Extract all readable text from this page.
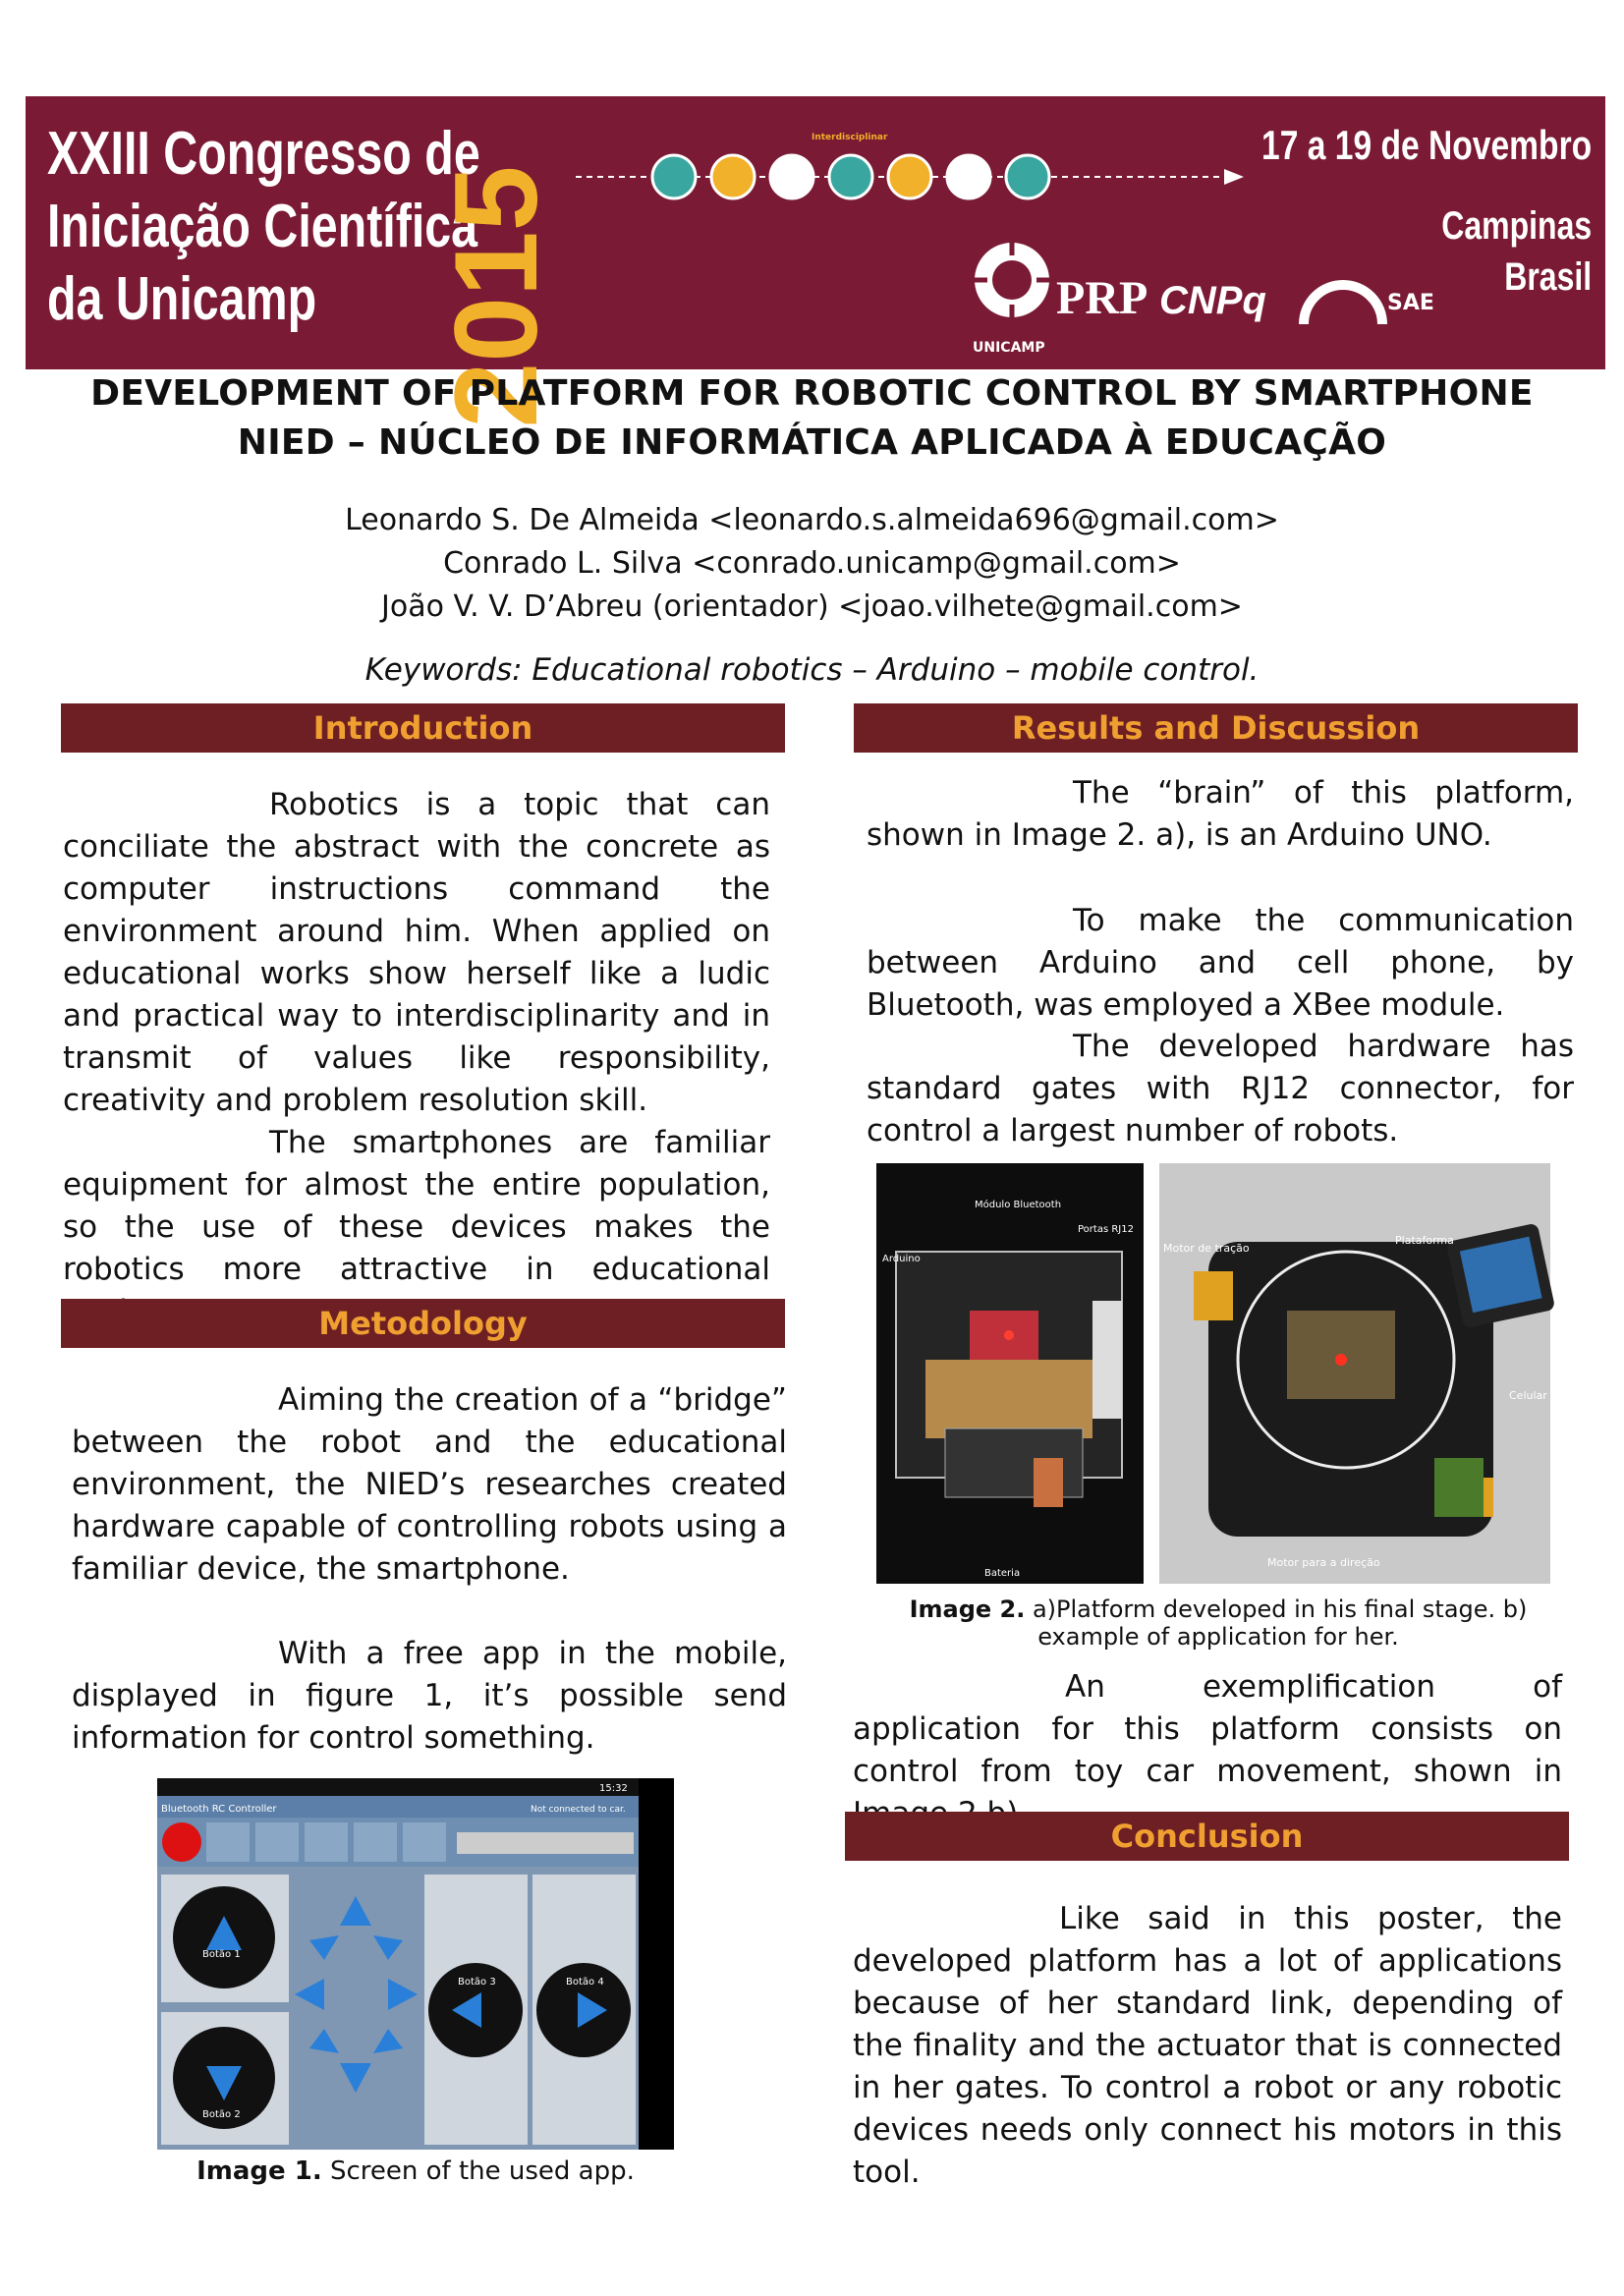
XXIII Congresso de
Iniciação Científica
da Unicamp 2015
Interdisciplinar	17 a 19 de Novembro
Campinas
Brasil
UNICAMP
PRP CNPq	SAE
DEVELOPMENT OF PLATFORM FOR ROBOTIC CONTROL BY SMARTPHONE
NIED – NÚCLEO DE INFORMÁTICA APLICADA À EDUCAÇÃO
Leonardo S. De Almeida <leonardo.s.almeida696@gmail.com>
Conrado L. Silva <conrado.unicamp@gmail.com>
João V. V. D’Abreu (orientador) <joao.vilhete@gmail.com>
Keywords: Educational robotics – Arduino – mobile control.
Introduction
Robotics is a topic that can conciliate the abstract with the concrete as computer instructions command the environment around him. When applied on educational works show herself like a ludic and practical way to interdisciplinarity and in transmit of values like responsibility, creativity and problem resolution skill.
The smartphones are familiar equipment for almost the entire population, so the use of these devices makes the robotics more attractive in educational
Metodology
Aiming the creation of a “bridge” between the robot and the educational environment, the NIED’s researches created hardware capable of controlling robots using a familiar device, the smartphone.
With a free app in the mobile, displayed in figure 1, it’s possible send information for control something.
Bluetooth RC Controller	Not connected to car.
15:32
Botão 1
Botão 2
Botão 3	Botão 4
Image 1. Screen of the used app.
Results and Discussion
The “brain” of this platform, shown in Image 2. a), is an Arduino UNO.
To make the communication between Arduino and cell phone, by Bluetooth, was employed a XBee module.
The developed hardware has standard gates with RJ12 connector, for control a largest number of robots.
Módulo Bluetooth
Portas RJ12
Arduino
Bateria
Motor de tração
Plataforma
Celular
Motor para a direção
Image 2. a)Platform developed in his final stage. b) example of application for her.
An exemplification of application for this platform consists on control from toy car movement, shown in
Conclusion
Like said in this poster, the developed platform has a lot of applications because of her standard link, depending of the finality and the actuator that is connected in her gates. To control a robot or any robotic devices needs only connect his motors in this tool.
